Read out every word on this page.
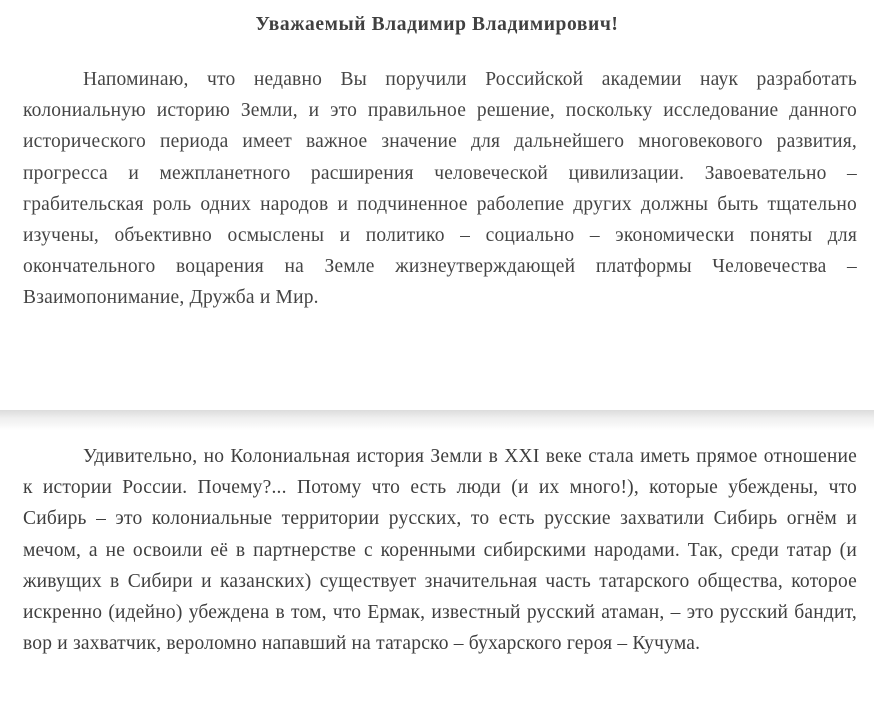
Уважаемый Владимир Владимирович!

Напоминаю, что недавно Вы поручили Российской академии наук разработать колониальную историю Земли, и это правильное решение, поскольку исследование данного исторического периода имеет важное значение для дальнейшего многовекового развития, прогресса и межпланетного расширения человеческой цивилизации. Завоевательно – грабительская роль одних народов и подчиненное раболепие других должны быть тщательно изучены, объективно осмыслены и политико – социально – экономически поняты для окончательного воцарения на Земле жизнеутверждающей платформы Человечества – Взаимопонимание, Дружба и Мир.

Удивительно, но Колониальная история Земли в XXI веке стала иметь прямое отношение к истории России. Почему?... Потому что есть люди (и их много!), которые убеждены, что Сибирь – это колониальные территории русских, то есть русские захватили Сибирь огнём и мечом, а не освоили её в партнерстве с коренными сибирскими народами. Так, среди татар (и живущих в Сибири и казанских) существует значительная часть татарского общества, которое искренно (идейно) убеждена в том, что Ермак, известный русский атаман, – это русский бандит, вор и захватчик, вероломно напавший на татарско – бухарского героя – Кучума.
